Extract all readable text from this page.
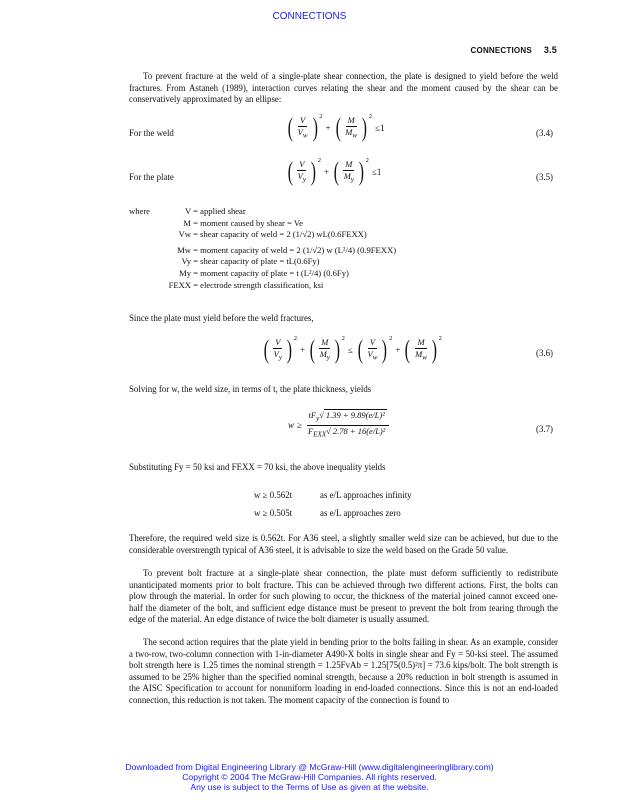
CONNECTIONS
CONNECTIONS 3.5

To prevent fracture at the weld of a single-plate shear connection, the plate is designed to yield before the weld fractures. From Astaneh (1989), interaction curves relating the shear and the moment caused by the shear can be conservatively approximated by an ellipse:

For the weld	( $\frac{V}{V_w}$ ) 2
+ ( $\frac{M}{M_w}$ ) 2
≤1	(3.4)
For the plate	( $\frac{V}{V_y}$ ) 2
+ ( $\frac{M}{M_y}$ ) 2
≤1	(3.5)
where	V = applied shear
M = moment caused by shear = Ve
Vw = shear capacity of weld = 2 (1/√2) wL(0.6FEXX)
Mw = moment capacity of weld = 2 (1/√2) w (L²/4) (0.9FEXX)
Vy = shear capacity of plate = tL(0.6Fy)
My = moment capacity of plate = t (L²/4) (0.6Fy)
FEXX = electrode strength classification, ksi

Since the plate must yield before the weld fractures,

( $\frac{V}{V_y}$ ) 2
+ ( $\frac{M}{M_y}$ ) 2
≤ ( $\frac{V}{V_w}$ ) 2
+ ( $\frac{M}{M_w}$ ) 2
(3.6)

Solving for w, the weld size, in terms of t, the plate thickness, yields

$w \ge \frac{tF_y√ 1.39 + 9.89(e/L)^2}{F_{EXX}√ 2.78 + 16(e/L)^2}$	(3.7)

Substituting Fy = 50 ksi and FEXX = 70 ksi, the above inequality yields

w ≥ 0.562t	as e/L approaches infinity
w ≥ 0.505t	as e/L approaches zero

Therefore, the required weld size is 0.562t. For A36 steel, a slightly smaller weld size can be achieved, but due to the considerable overstrength typical of A36 steel, it is advisable to size the weld based on the Grade 50 value.

To prevent bolt fracture at a single-plate shear connection, the plate must deform sufficiently to redistribute unanticipated moments prior to bolt fracture. This can be achieved through two different actions. First, the bolts can plow through the material. In order for such plowing to occur, the thickness of the material joined cannot exceed one-half the diameter of the bolt, and sufficient edge distance must be present to prevent the bolt from tearing through the edge of the material. An edge distance of twice the bolt diameter is usually assumed.

The second action requires that the plate yield in bending prior to the bolts failing in shear. As an example, consider a two-row, two-column connection with 1-in-diameter A490-X bolts in single shear and Fy = 50-ksi steel. The assumed bolt strength here is 1.25 times the nominal strength = 1.25FvAb = 1.25[75(0.5)²π] = 73.6 kips/bolt. The bolt strength is assumed to be 25% higher than the specified nominal strength, because a 20% reduction in bolt strength is assumed in the AISC Specification to account for nonuniform loading in end-loaded connections. Since this is not an end-loaded connection, this reduction is not taken. The moment capacity of the connection is found to

Downloaded from Digital Engineering Library @ McGraw-Hill (www.digitalengineeringlibrary.com)
Copyright © 2004 The McGraw-Hill Companies. All rights reserved.
Any use is subject to the Terms of Use as given at the website.
